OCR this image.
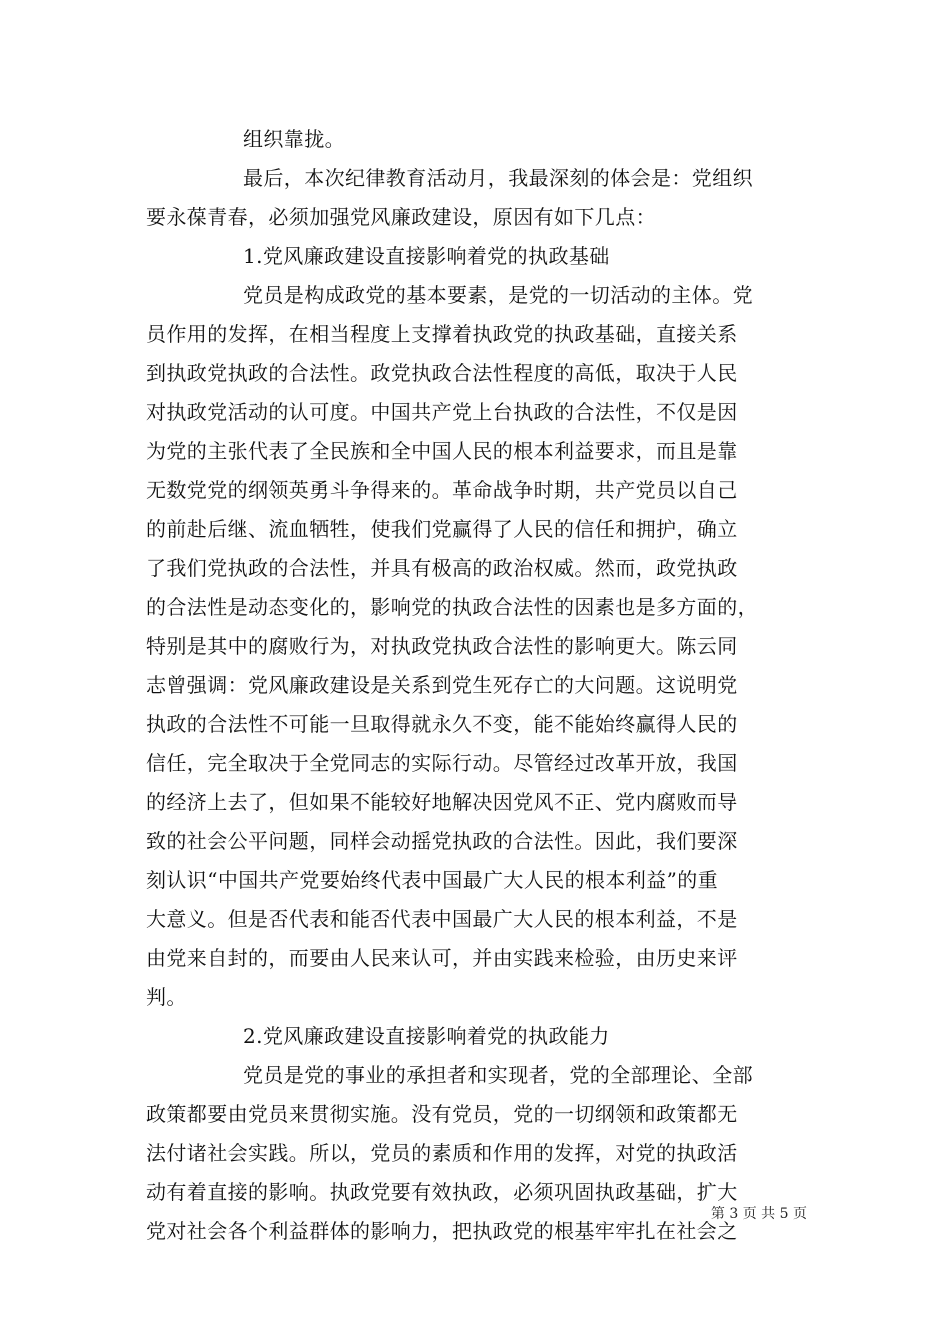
组织靠拢。
最后，本次纪律教育活动月，我最深刻的体会是：党组织
要永葆青春，必须加强党风廉政建设，原因有如下几点：
1.党风廉政建设直接影响着党的执政基础
党员是构成政党的基本要素，是党的一切活动的主体。党
员作用的发挥，在相当程度上支撑着执政党的执政基础，直接关系
到执政党执政的合法性。政党执政合法性程度的高低，取决于人民
对执政党活动的认可度。中国共产党上台执政的合法性，不仅是因
为党的主张代表了全民族和全中国人民的根本利益要求，而且是靠
无数党党的纲领英勇斗争得来的。革命战争时期，共产党员以自己
的前赴后继、流血牺牲，使我们党赢得了人民的信任和拥护，确立
了我们党执政的合法性，并具有极高的政治权威。然而，政党执政
的合法性是动态变化的，影响党的执政合法性的因素也是多方面的，
特别是其中的腐败行为，对执政党执政合法性的影响更大。陈云同
志曾强调：党风廉政建设是关系到党生死存亡的大问题。这说明党
执政的合法性不可能一旦取得就永久不变，能不能始终赢得人民的
信任，完全取决于全党同志的实际行动。尽管经过改革开放，我国
的经济上去了，但如果不能较好地解决因党风不正、党内腐败而导
致的社会公平问题，同样会动摇党执政的合法性。因此，我们要深
刻认识“中国共产党要始终代表中国最广大人民的根本利益”的重
大意义。但是否代表和能否代表中国最广大人民的根本利益，不是
由党来自封的，而要由人民来认可，并由实践来检验，由历史来评
判。
2.党风廉政建设直接影响着党的执政能力
党员是党的事业的承担者和实现者，党的全部理论、全部
政策都要由党员来贯彻实施。没有党员，党的一切纲领和政策都无
法付诸社会实践。所以，党员的素质和作用的发挥，对党的执政活
动有着直接的影响。执政党要有效执政，必须巩固执政基础，扩大
党对社会各个利益群体的影响力，把执政党的根基牢牢扎在社会之
第 3 页 共 5 页
